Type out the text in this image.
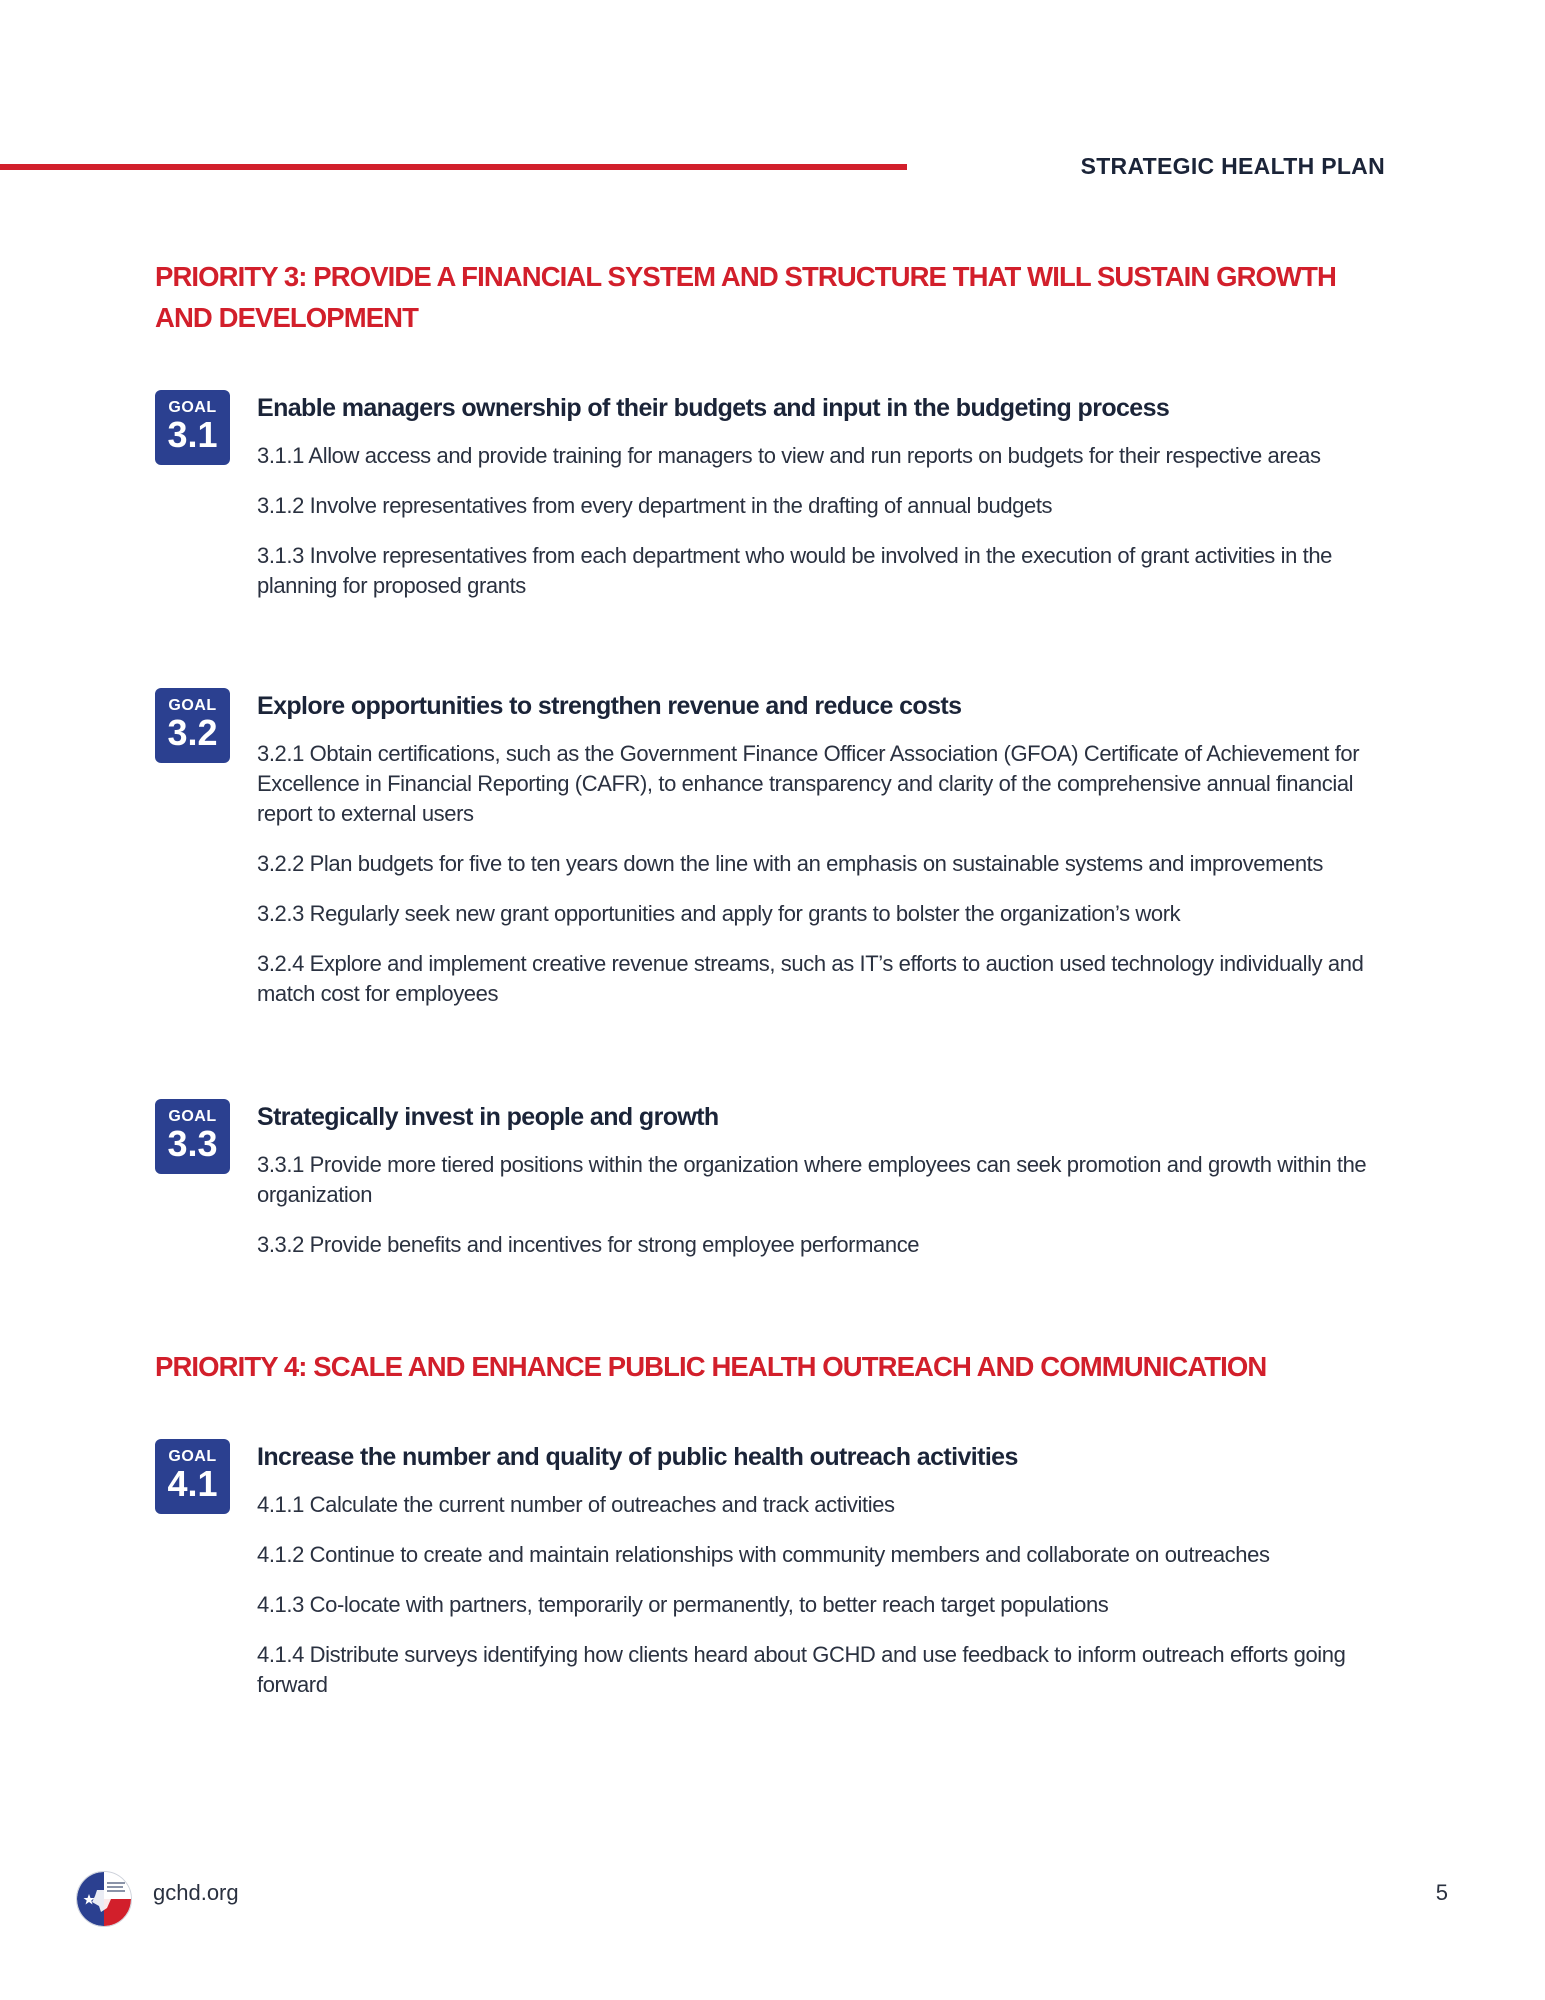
STRATEGIC HEALTH PLAN
PRIORITY 3: PROVIDE A FINANCIAL SYSTEM AND STRUCTURE THAT WILL SUSTAIN GROWTH AND DEVELOPMENT
GOAL
3.1
Enable managers ownership of their budgets and input in the budgeting process
3.1.1 Allow access and provide training for managers to view and run reports on budgets for their respective areas
3.1.2 Involve representatives from every department in the drafting of annual budgets
3.1.3 Involve representatives from each department who would be involved in the execution of grant activities in the planning for proposed grants
GOAL
3.2
Explore opportunities to strengthen revenue and reduce costs
3.2.1 Obtain certifications, such as the Government Finance Officer Association (GFOA) Certificate of Achievement for Excellence in Financial Reporting (CAFR), to enhance transparency and clarity of the comprehensive annual financial report to external users
3.2.2 Plan budgets for five to ten years down the line with an emphasis on sustainable systems and improvements
3.2.3 Regularly seek new grant opportunities and apply for grants to bolster the organization’s work
3.2.4 Explore and implement creative revenue streams, such as IT’s efforts to auction used technology individually and match cost for employees
GOAL
3.3
Strategically invest in people and growth
3.3.1 Provide more tiered positions within the organization where employees can seek promotion and growth within the organization
3.3.2 Provide benefits and incentives for strong employee performance
PRIORITY 4: SCALE AND ENHANCE PUBLIC HEALTH OUTREACH AND COMMUNICATION
GOAL
4.1
Increase the number and quality of public health outreach activities
4.1.1 Calculate the current number of outreaches and track activities
4.1.2 Continue to create and maintain relationships with community members and collaborate on outreaches
4.1.3 Co-locate with partners, temporarily or permanently, to better reach target populations
4.1.4 Distribute surveys identifying how clients heard about GCHD and use feedback to inform outreach efforts going forward
gchd.org	5
